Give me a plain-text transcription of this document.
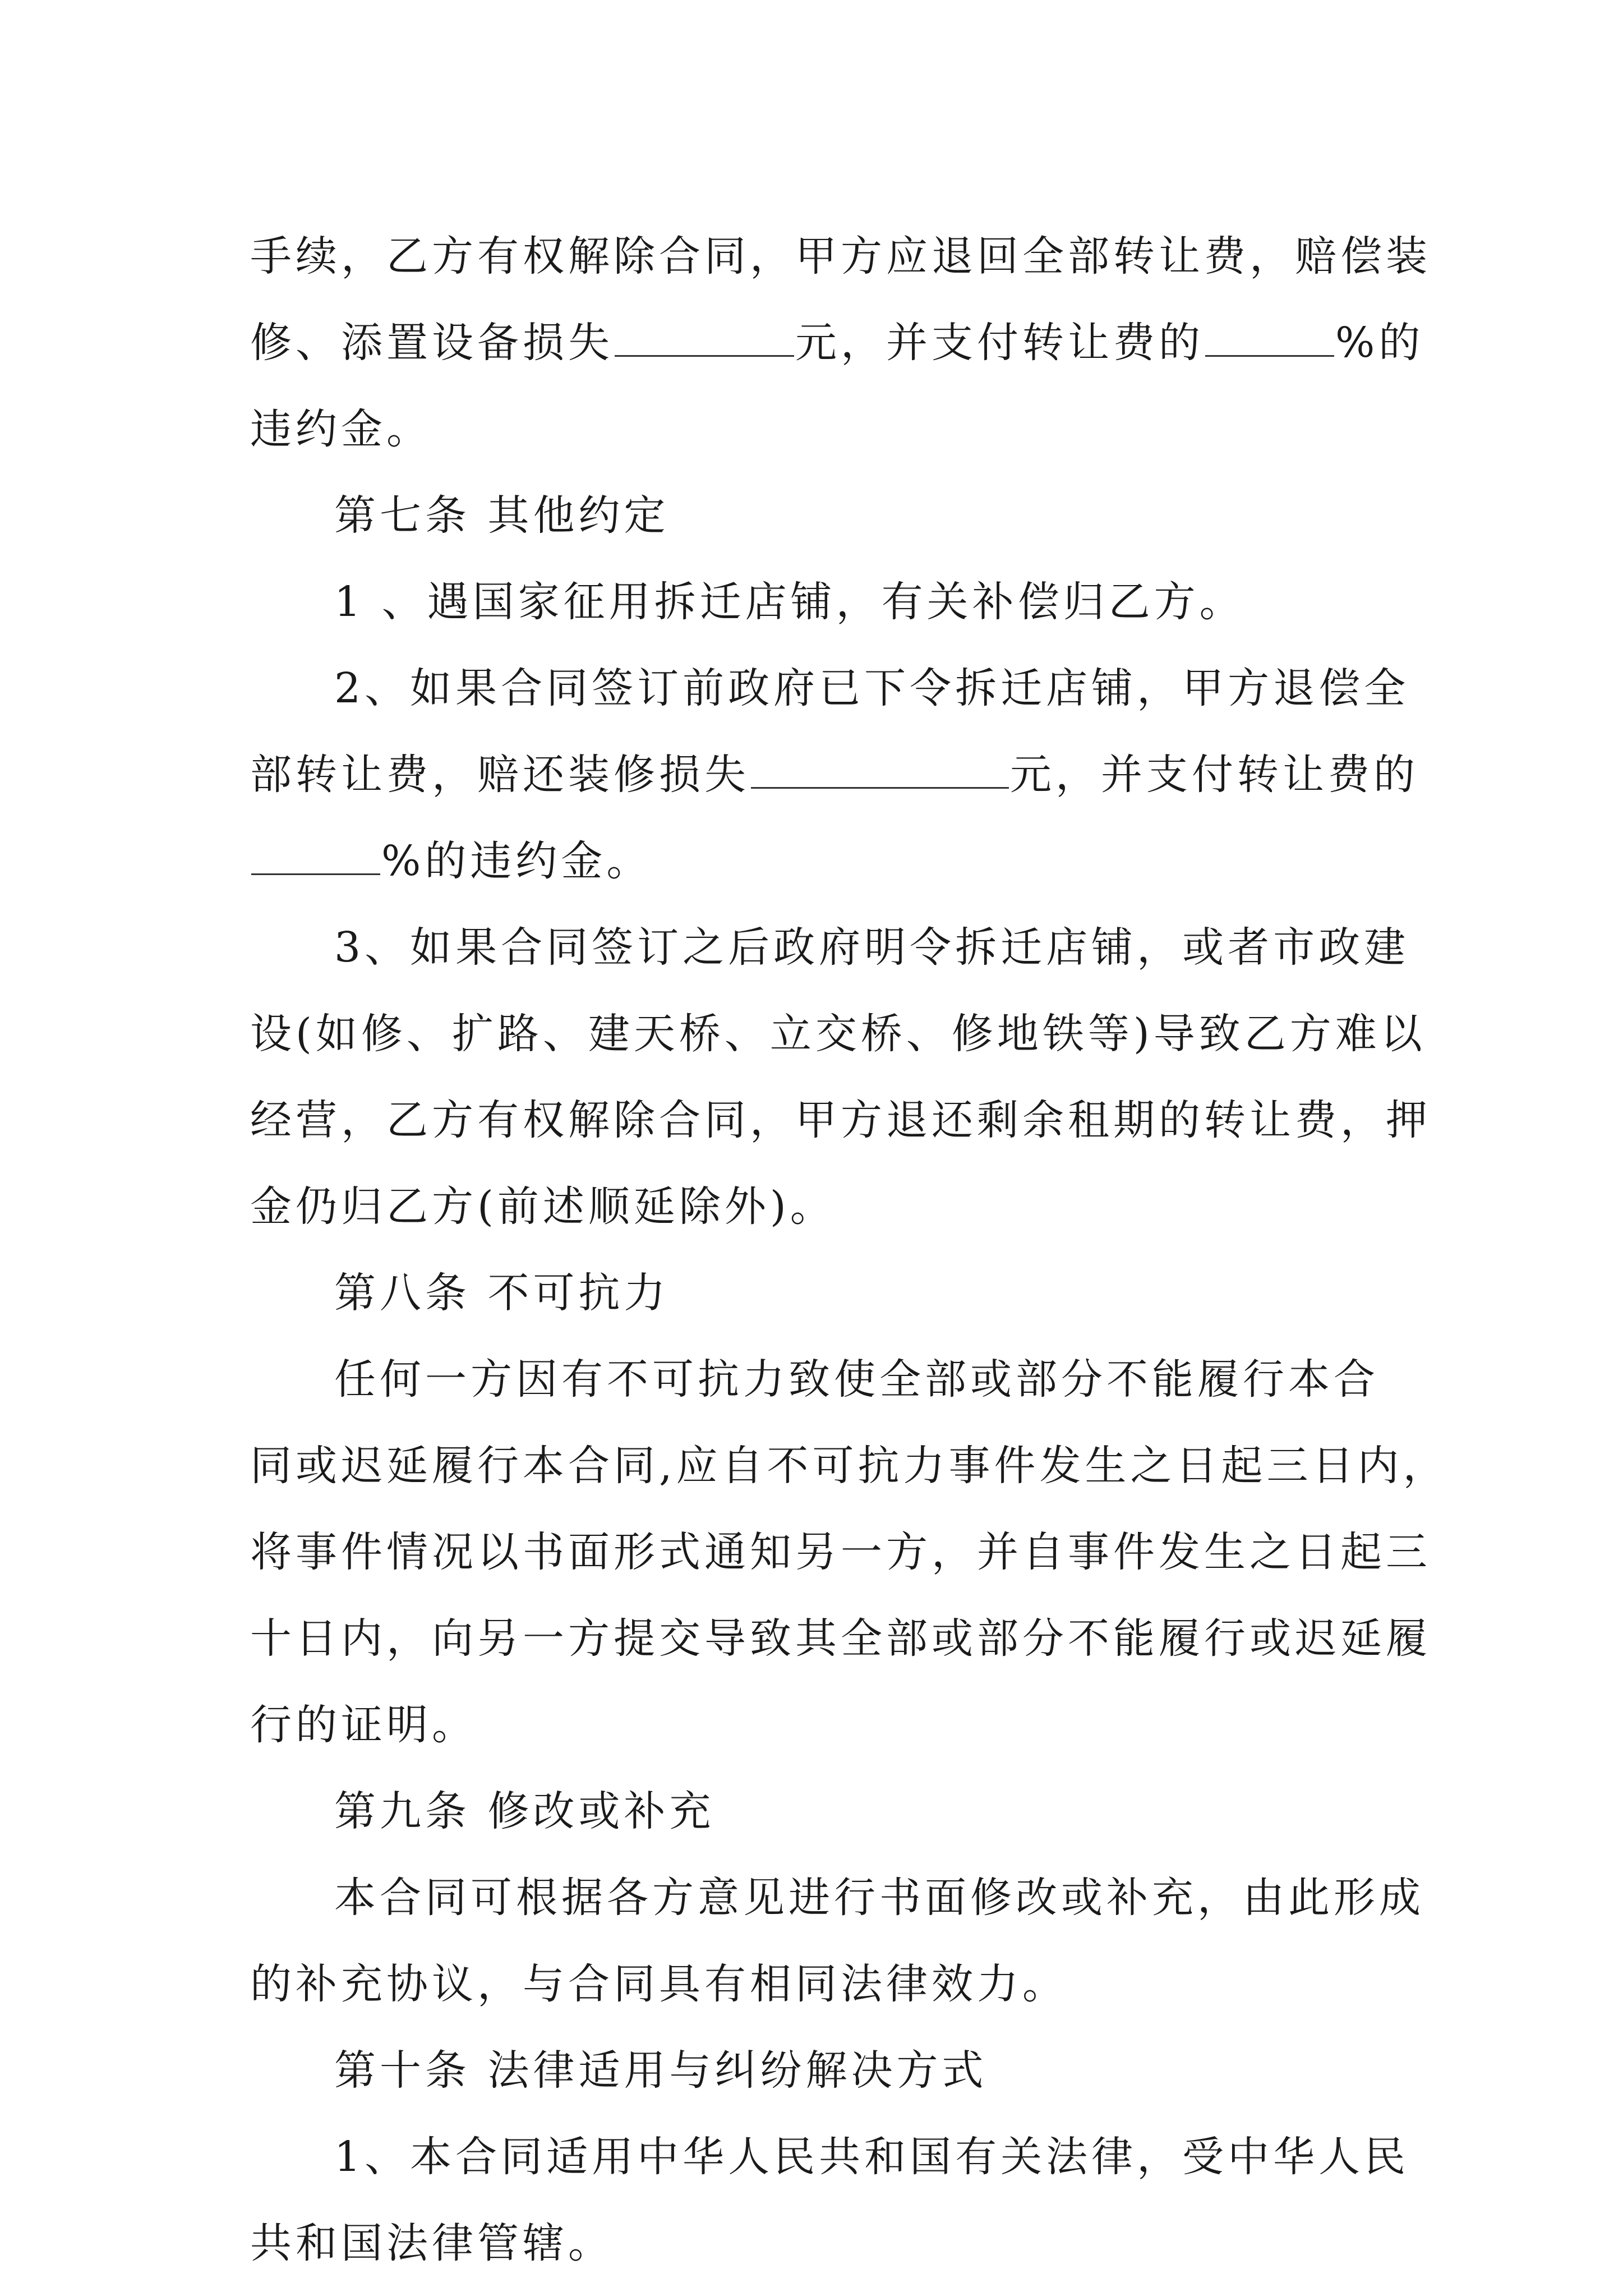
手续，乙方有权解除合同，甲方应退回全部转让费，赔偿装
修、添置设备损失	元，并支付转让费的	%的
违约金。
第七条 其他约定
1 、遇国家征用拆迁店铺，有关补偿归乙方。
2、如果合同签订前政府已下令拆迁店铺，甲方退偿全
部转让费，赔还装修损失	元，并支付转让费的
%的违约金。
3、如果合同签订之后政府明令拆迁店铺，或者市政建
设(如修、扩路、建天桥、立交桥、修地铁等)导致乙方难以
经营，乙方有权解除合同，甲方退还剩余租期的转让费，押
金仍归乙方(前述顺延除外)。
第八条 不可抗力
任何一方因有不可抗力致使全部或部分不能履行本合
同或迟延履行本合同,应自不可抗力事件发生之日起三日内，
将事件情况以书面形式通知另一方，并自事件发生之日起三
十日内，向另一方提交导致其全部或部分不能履行或迟延履
行的证明。
第九条 修改或补充
本合同可根据各方意见进行书面修改或补充，由此形成
的补充协议，与合同具有相同法律效力。
第十条 法律适用与纠纷解决方式
1、本合同适用中华人民共和国有关法律，受中华人民
共和国法律管辖。
